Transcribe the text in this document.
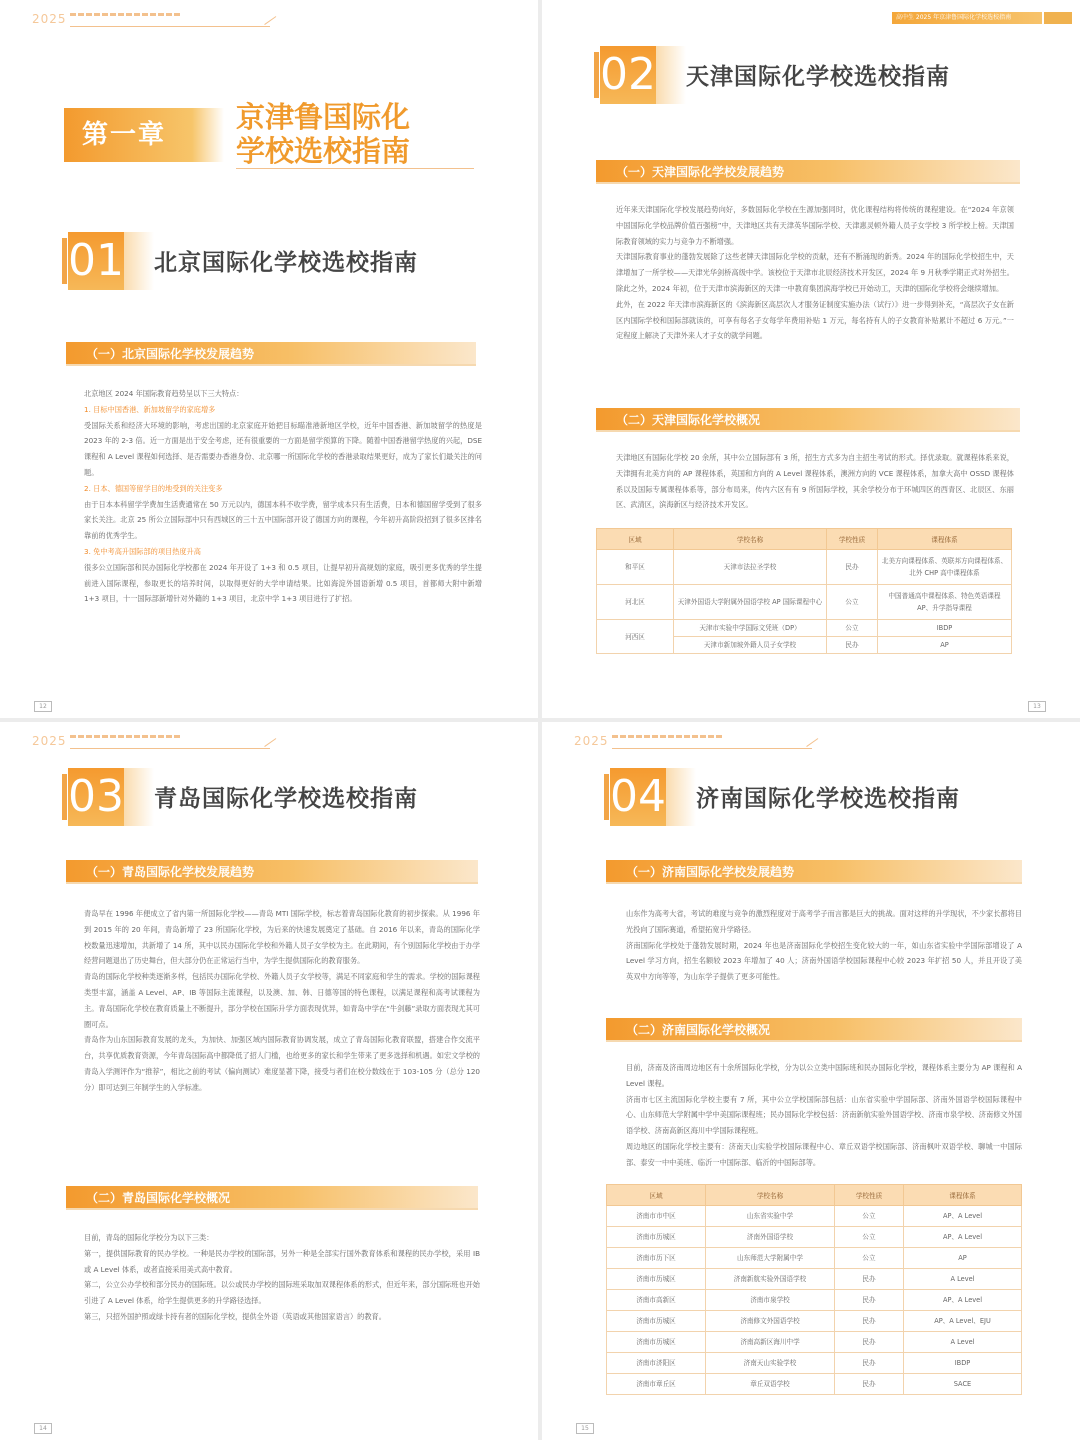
2025
第一章
京津鲁国际化
学校选校指南
01 北京国际化学校选校指南
（一）北京国际化学校发展趋势

北京地区 2024 年国际教育趋势呈以下三大特点：

1. 目标中国香港、新加坡留学的家庭增多

受国际关系和经济大环境的影响，考虑出国的北京家庭开始把目标瞄准港新地区学校，近年中国香港、新加坡留学的热度是 2023 年的 2-3 倍。近一方面是出于安全考虑，还有很重要的一方面是留学预算的下降。随着中国香港留学热度的兴起，DSE 课程和 A Level 课程如何选择、是否需要办香港身份、北京哪一所国际化学校的香港录取结果更好，成为了家长们最关注的问题。

2. 日本、德国等留学目的地受到的关注变多

由于日本本科留学学费加生活费通常在 50 万元以内，德国本科不收学费，留学成本只有生活费，日本和德国留学受到了很多家长关注。北京 25 所公立国际部中只有西城区的三十五中国际部开设了德国方向的课程，今年初升高阶段招到了很多区排名靠前的优秀学生。

3. 免中考高升国际部的项目热度升高

很多公立国际部和民办国际化学校都在 2024 年开设了 1+3 和 0.5 项目，让提早初升高规划的家庭，吸引更多优秀的学生提前进入国际课程，参取更长的培养时间，以取得更好的大学申请结果。比如海淀外国语新增 0.5 项目，首都师大附中新增 1+3 项目，十一国际部新增针对外籍的 1+3 项目，北京中学 1+3 项目进行了扩招。

12
高中生 2025 年京津鲁国际化学校选校指南
02 天津国际化学校选校指南
（一）天津国际化学校发展趋势

近年来天津国际化学校发展趋势向好，多数国际化学校在生源加强同时，优化课程结构将传统的课程建设。在“2024 年京领中国国际化学校品牌价值百强榜”中，天津地区共有天津英华国际学校、天津惠灵顿外籍人员子女学校 3 所学校上榜。天津国际教育领域的实力与竞争力不断增强。

天津国际教育事业的蓬勃发展除了这些老牌天津国际化学校的贡献，还有不断涌现的新秀。2024 年的国际化学校招生中，天津增加了一所学校——天津光华剑桥高级中学。该校位于天津市北辰经济技术开发区，2024 年 9 月秋季学期正式对外招生。除此之外，2024 年初，位于天津市滨海新区的天津一中教育集团滨海学校已开始动工，天津的国际化学校将会继续增加。

此外，在 2022 年天津市滨海新区的《滨海新区高层次人才服务证制度实施办法（试行）》进一步得到补充，“高层次子女在新区内国际学校和国际部就读的，可享有每名子女每学年费用补贴 1 万元，每名持有人的子女教育补贴累计不超过 6 万元。”一定程度上解决了天津外来人才子女的就学问题。

（二）天津国际化学校概况

天津地区有国际化学校 20 余所，其中公立国际部有 3 所，招生方式多为自主招生考试的形式。择优录取。就课程体系来说，天津拥有北美方向的 AP 课程体系，英国和方向的 A Level 课程体系，澳洲方向的 VCE 课程体系，加拿大高中 OSSD 课程体系以及国际专属课程体系等，部分布局来，传内六区有有 9 所国际学校，其余学校分布于环城四区的西青区、北辰区、东丽区、武清区，滨海新区与经济技术开发区。

区域	学校名称	学校性质	课程体系
和平区	天津市法拉圣学校	民办	北美方向课程体系、英联邦方向课程体系、北外 CHP 高中课程体系
河北区	天津外国语大学附属外国语学校 AP 国际课程中心	公立	中国普通高中课程体系、特色英语课程 AP、升学指导课程
河西区	天津市实验中学国际文凭班（DP）	公立	IBDP
	天津市新加坡外籍人员子女学校	民办	AP
13
2025
03 青岛国际化学校选校指南
（一）青岛国际化学校发展趋势

青岛早在 1996 年便成立了省内第一所国际化学校——青岛 MTI 国际学校，标志着青岛国际化教育的初步探索。从 1996 年到 2015 年的 20 年间，青岛新增了 23 所国际化学校，为后来的快速发展奠定了基础。自 2016 年以来，青岛的国际化学校数量迅速增加，共新增了 14 所，其中以民办国际化学校和外籍人员子女学校为主。在此期间，有个别国际化学校由于办学经营问题退出了历史舞台，但大部分仍在正常运行当中，为学生提供国际化的教育服务。

青岛的国际化学校种类逐渐多样，包括民办国际化学校、外籍人员子女学校等，满足不同家庭和学生的需求。学校的国际课程类型丰富，涵盖 A Level、AP、IB 等国际主流课程，以及澳、加、韩、日德等国的特色课程，以满足课程和高考试课程为主。青岛国际化学校在教育质量上不断提升，部分学校在国际升学方面表现优异，如青岛中学在“牛剑藤”录取方面表现尤其可圈可点。

青岛作为山东国际教育发展的龙头，为加快、加强区域内国际教育协调发展，成立了青岛国际化教育联盟，搭建合作交流平台，共享优质教育资源，今年青岛国际高中都降低了招人门槛，也给更多的家长和学生带来了更多选择和机遇。如宏文学校的青岛入学测评作为“推荐”，相比之前的考试（偏向测试）难度显著下降，接受与者们在校分数线在于 103-105 分（总分 120 分）即可达到三年制学生的入学标准。

（二）青岛国际化学校概况

目前，青岛的国际化学校分为以下三类：

第一，提供国际教育的民办学校。一种是民办学校的国际部，另外一种是全部实行国外教育体系和课程的民办学校，采用 IB 或 A Level 体系，或者直接采用美式高中教育。

第二，公立公办学校和部分民办的国际班。以公或民办学校的国际班采取加双课程体系的形式，但近年来，部分国际班也开始引进了 A Level 体系，给学生提供更多的升学路径选择。

第三，只招外国护照或绿卡持有者的国际化学校，提供全外语（英语或其他国家语言）的教育。

14
2025
04 济南国际化学校选校指南
（一）济南国际化学校发展趋势

山东作为高考大省，考试的难度与竞争的激烈程度对于高考学子而言都是巨大的挑战。面对这样的升学现状，不少家长都将目光投向了国际赛道，希望拓宽升学路径。

济南国际化学校处于蓬勃发展时期，2024 年也是济南国际化学校招生变化较大的一年，如山东省实验中学国际部增设了 A Level 学习方向，招生名额较 2023 年增加了 40 人；济南外国语学校国际课程中心较 2023 年扩招 50 人，并且开设了美英双中方向等等，为山东学子提供了更多可能性。

（二）济南国际化学校概况

目前，济南及济南周边地区有十余所国际化学校，分为以公立类中国际班和民办国际化学校，课程体系主要分为 AP 课程和 A Level 课程。

济南市七区主流国际化学校主要有 7 所，其中公立学校国际部包括：山东省实验中学国际部、济南外国语学校国际课程中心、山东师范大学附属中学中美国际课程班；民办国际化学校包括：济南新航实验外国语学校、济南市泉学校、济南修文外国语学校、济南高新区海川中学国际课程班。

周边地区的国际化学校主要有：济南天山实验学校国际课程中心、章丘双语学校国际部、济南枫叶双语学校、聊城一中国际部、泰安一中中美班、临沂一中国际部、临沂的中国际部等。

区域	学校名称	学校性质	课程体系
济南市市中区	山东省实验中学	公立	AP、A Level
济南市历城区	济南外国语学校	公立	AP、A Level
济南市历下区	山东师范大学附属中学	公立	AP
济南市历城区	济南新航实验外国语学校	民办	A Level
济南市高新区	济南市泉学校	民办	AP、A Level
济南市历城区	济南修文外国语学校	民办	AP、A Level、EJU
济南市历城区	济南高新区海川中学	民办	A Level
济南市济阳区	济南天山实验学校	民办	IBDP
济南市章丘区	章丘双语学校	民办	SACE
15
